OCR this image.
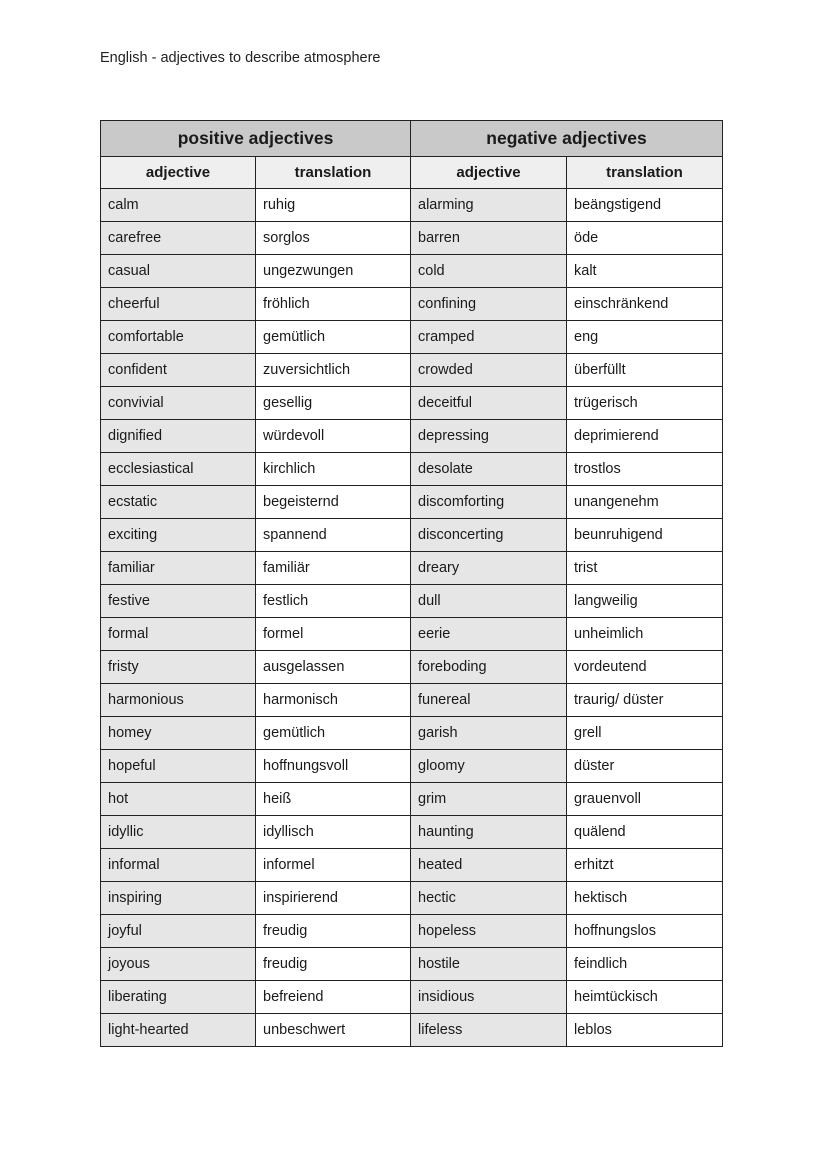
English - adjectives to describe atmosphere
positive adjectives		negative adjectives	
adjective	translation	adjective	translation
calm	ruhig	alarming	beängstigend
carefree	sorglos	barren	öde
casual	ungezwungen	cold	kalt
cheerful	fröhlich	confining	einschränkend
comfortable	gemütlich	cramped	eng
confident	zuversichtlich	crowded	überfüllt
convivial	gesellig	deceitful	trügerisch
dignified	würdevoll	depressing	deprimierend
ecclesiastical	kirchlich	desolate	trostlos
ecstatic	begeisternd	discomforting	unangenehm
exciting	spannend	disconcerting	beunruhigend
familiar	familiär	dreary	trist
festive	festlich	dull	langweilig
formal	formel	eerie	unheimlich
fristy	ausgelassen	foreboding	vordeutend
harmonious	harmonisch	funereal	traurig/ düster
homey	gemütlich	garish	grell
hopeful	hoffnungsvoll	gloomy	düster
hot	heiß	grim	grauenvoll
idyllic	idyllisch	haunting	quälend
informal	informel	heated	erhitzt
inspiring	inspirierend	hectic	hektisch
joyful	freudig	hopeless	hoffnungslos
joyous	freudig	hostile	feindlich
liberating	befreiend	insidious	heimtückisch
light-hearted	unbeschwert	lifeless	leblos
